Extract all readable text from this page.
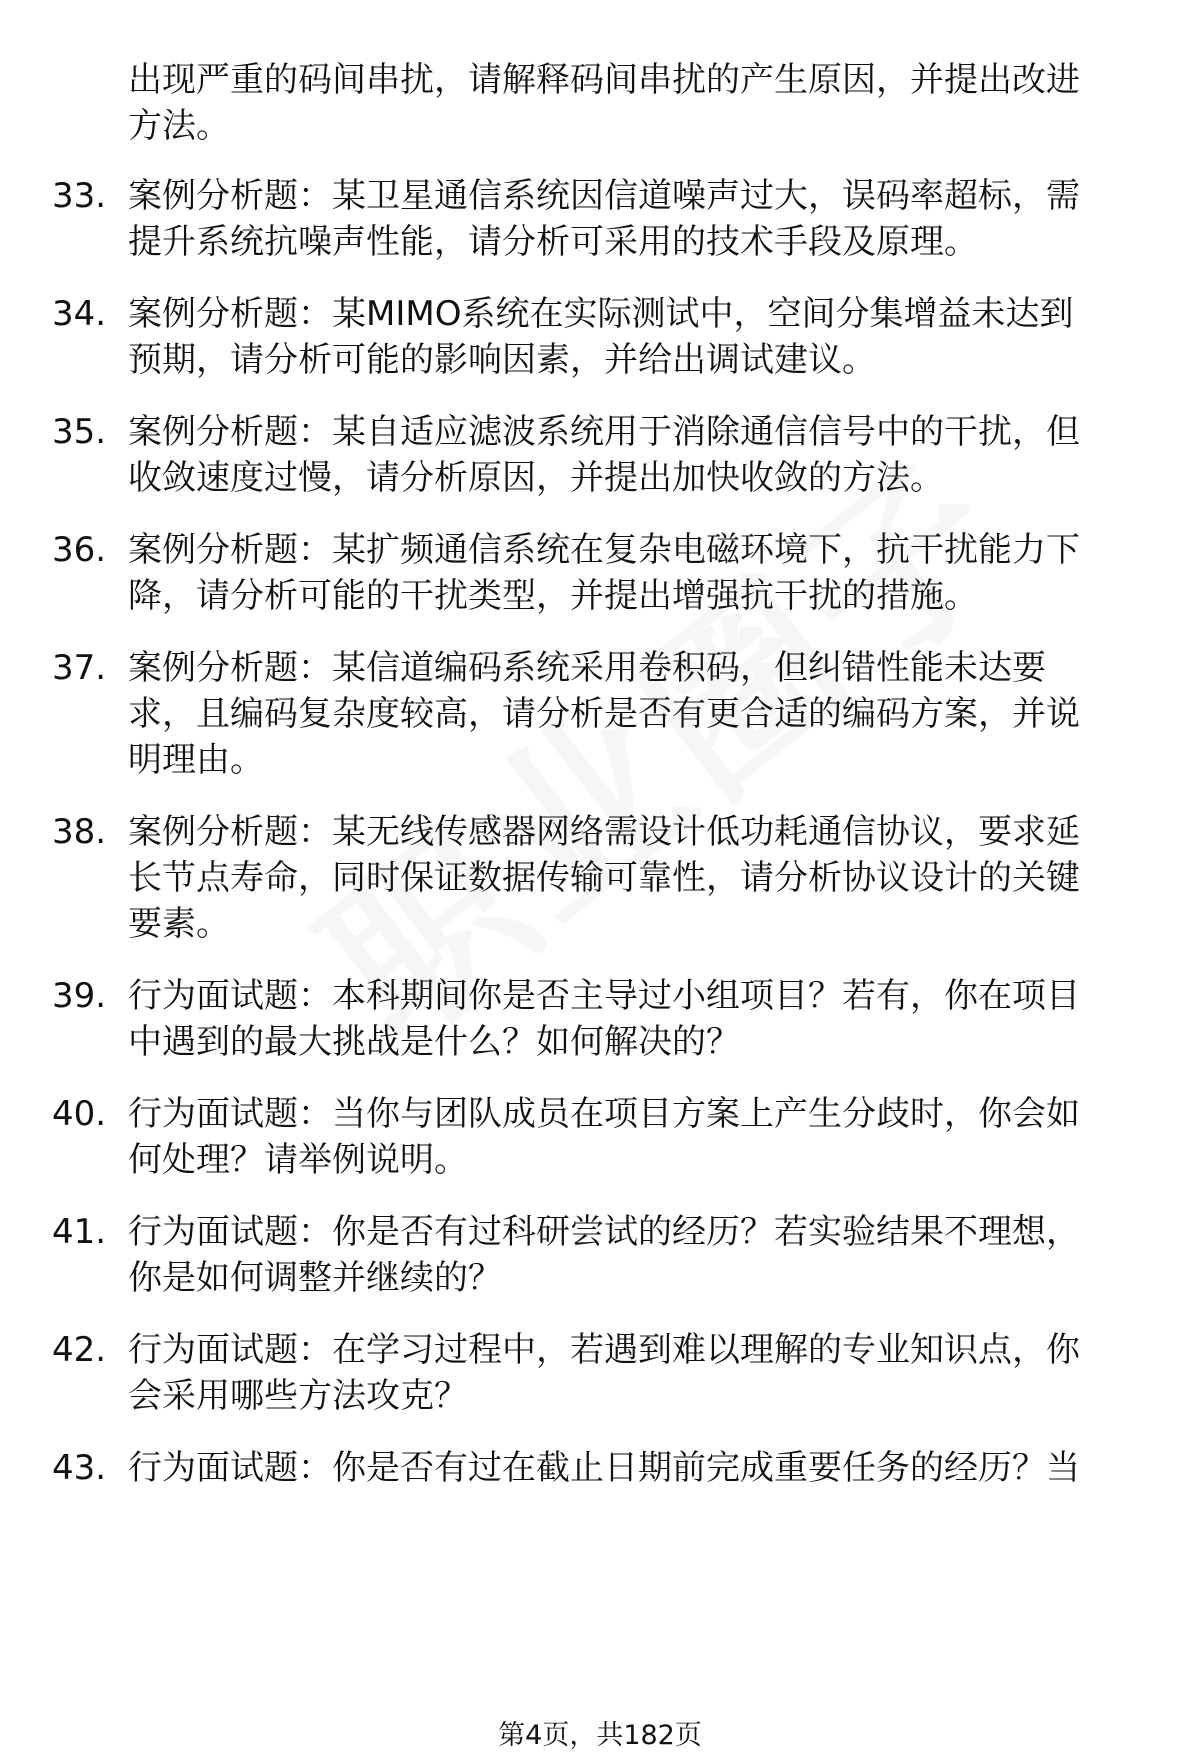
出现严重的码间串扰，请解释码间串扰的产生原因，并提出改进
方法。
33. 案例分析题：某卫星通信系统因信道噪声过大，误码率超标，需
提升系统抗噪声性能，请分析可采用的技术手段及原理。
34. 案例分析题：某MIMO系统在实际测试中，空间分集增益未达到
预期，请分析可能的影响因素，并给出调试建议。
35. 案例分析题：某自适应滤波系统用于消除通信信号中的干扰，但
收敛速度过慢，请分析原因，并提出加快收敛的方法。
36. 案例分析题：某扩频通信系统在复杂电磁环境下，抗干扰能力下
降，请分析可能的干扰类型，并提出增强抗干扰的措施。
37. 案例分析题：某信道编码系统采用卷积码，但纠错性能未达要
求，且编码复杂度较高，请分析是否有更合适的编码方案，并说
明理由。
38. 案例分析题：某无线传感器网络需设计低功耗通信协议，要求延
长节点寿命，同时保证数据传输可靠性，请分析协议设计的关键
要素。
39. 行为面试题：本科期间你是否主导过小组项目？若有，你在项目
中遇到的最大挑战是什么？如何解决的？
40. 行为面试题：当你与团队成员在项目方案上产生分歧时，你会如
何处理？请举例说明。
41. 行为面试题：你是否有过科研尝试的经历？若实验结果不理想，
你是如何调整并继续的？
42. 行为面试题：在学习过程中，若遇到难以理解的专业知识点，你
会采用哪些方法攻克？
43. 行为面试题：你是否有过在截止日期前完成重要任务的经历？当
第4页，共182页
